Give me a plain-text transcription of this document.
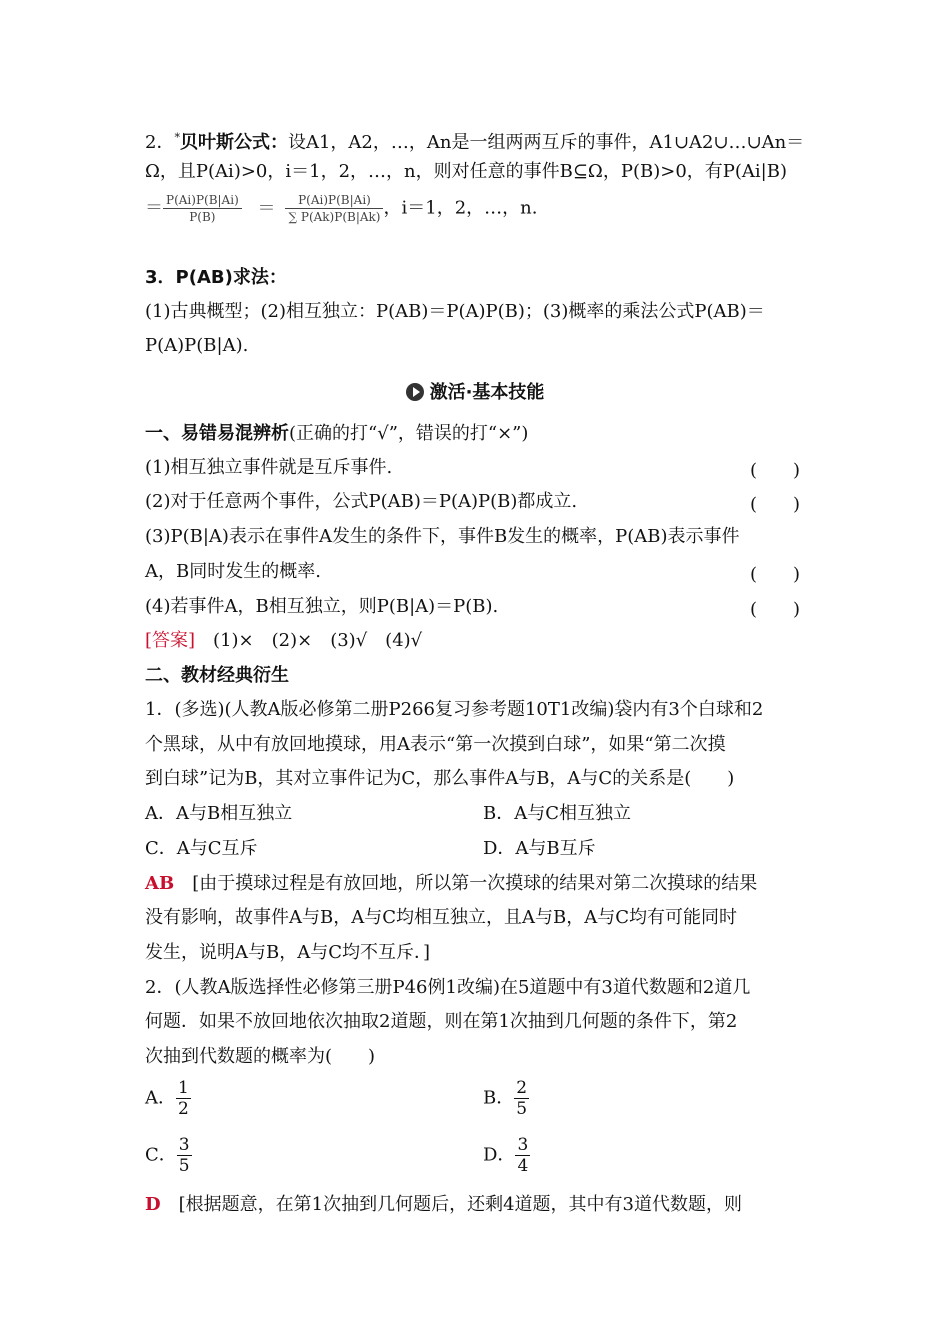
2．*贝叶斯公式：设A1，A2，…，An是一组两两互斥的事件，A1∪A2∪…∪An＝
Ω，且P(Ai)>0，i＝1，2，…，n，则对任意的事件B⊆Ω，P(B)>0，有P(Ai|B)
＝ $\frac{P(Ai)P(B|Ai)}{P(B)} = \frac{P(Ai)P(B|Ai)}{\sum P(Ak)P(B|Ak)}$ ，i＝1，2，…，n.
3．P(AB)求法：
(1)古典概型；(2)相互独立：P(AB)＝P(A)P(B)；(3)概率的乘法公式P(AB)＝
P(A)P(B|A).
激活·基本技能
一、易错易混辨析(正确的打“√”，错误的打“×”)
(1)相互独立事件就是互斥事件.	(　　)
(2)对于任意两个事件，公式P(AB)＝P(A)P(B)都成立.	(　　)
(3)P(B|A)表示在事件A发生的条件下，事件B发生的概率，P(AB)表示事件
A，B同时发生的概率.	(　　)
(4)若事件A，B相互独立，则P(B|A)＝P(B).	(　　)
[答案]　 (1)×　(2)×　(3)√　(4)√
二、教材经典衍生
1．(多选)(人教A版必修第二册P266复习参考题10T1改编)袋内有3个白球和2
个黑球，从中有放回地摸球，用A表示“第一次摸到白球”，如果“第二次摸
到白球”记为B，其对立事件记为C，那么事件A与B，A与C的关系是(　　)
A．A与B相互独立	B．A与C相互独立
C．A与C互斥	D．A与B互斥
AB　 [由于摸球过程是有放回地，所以第一次摸球的结果对第二次摸球的结果
没有影响，故事件A与B，A与C均相互独立，且A与B，A与C均有可能同时
发生，说明A与B，A与C均不互斥．]
2．(人教A版选择性必修第三册P46例1改编)在5道题中有3道代数题和2道几
何题．如果不放回地依次抽取2道题，则在第1次抽到几何题的条件下，第2
次抽到代数题的概率为(　　)
A． $\frac{1}{2}$	B． $\frac{2}{5}$
C． $\frac{3}{5}$	D． $\frac{3}{4}$
D　 [根据题意，在第1次抽到几何题后，还剩4道题，其中有3道代数题，则
